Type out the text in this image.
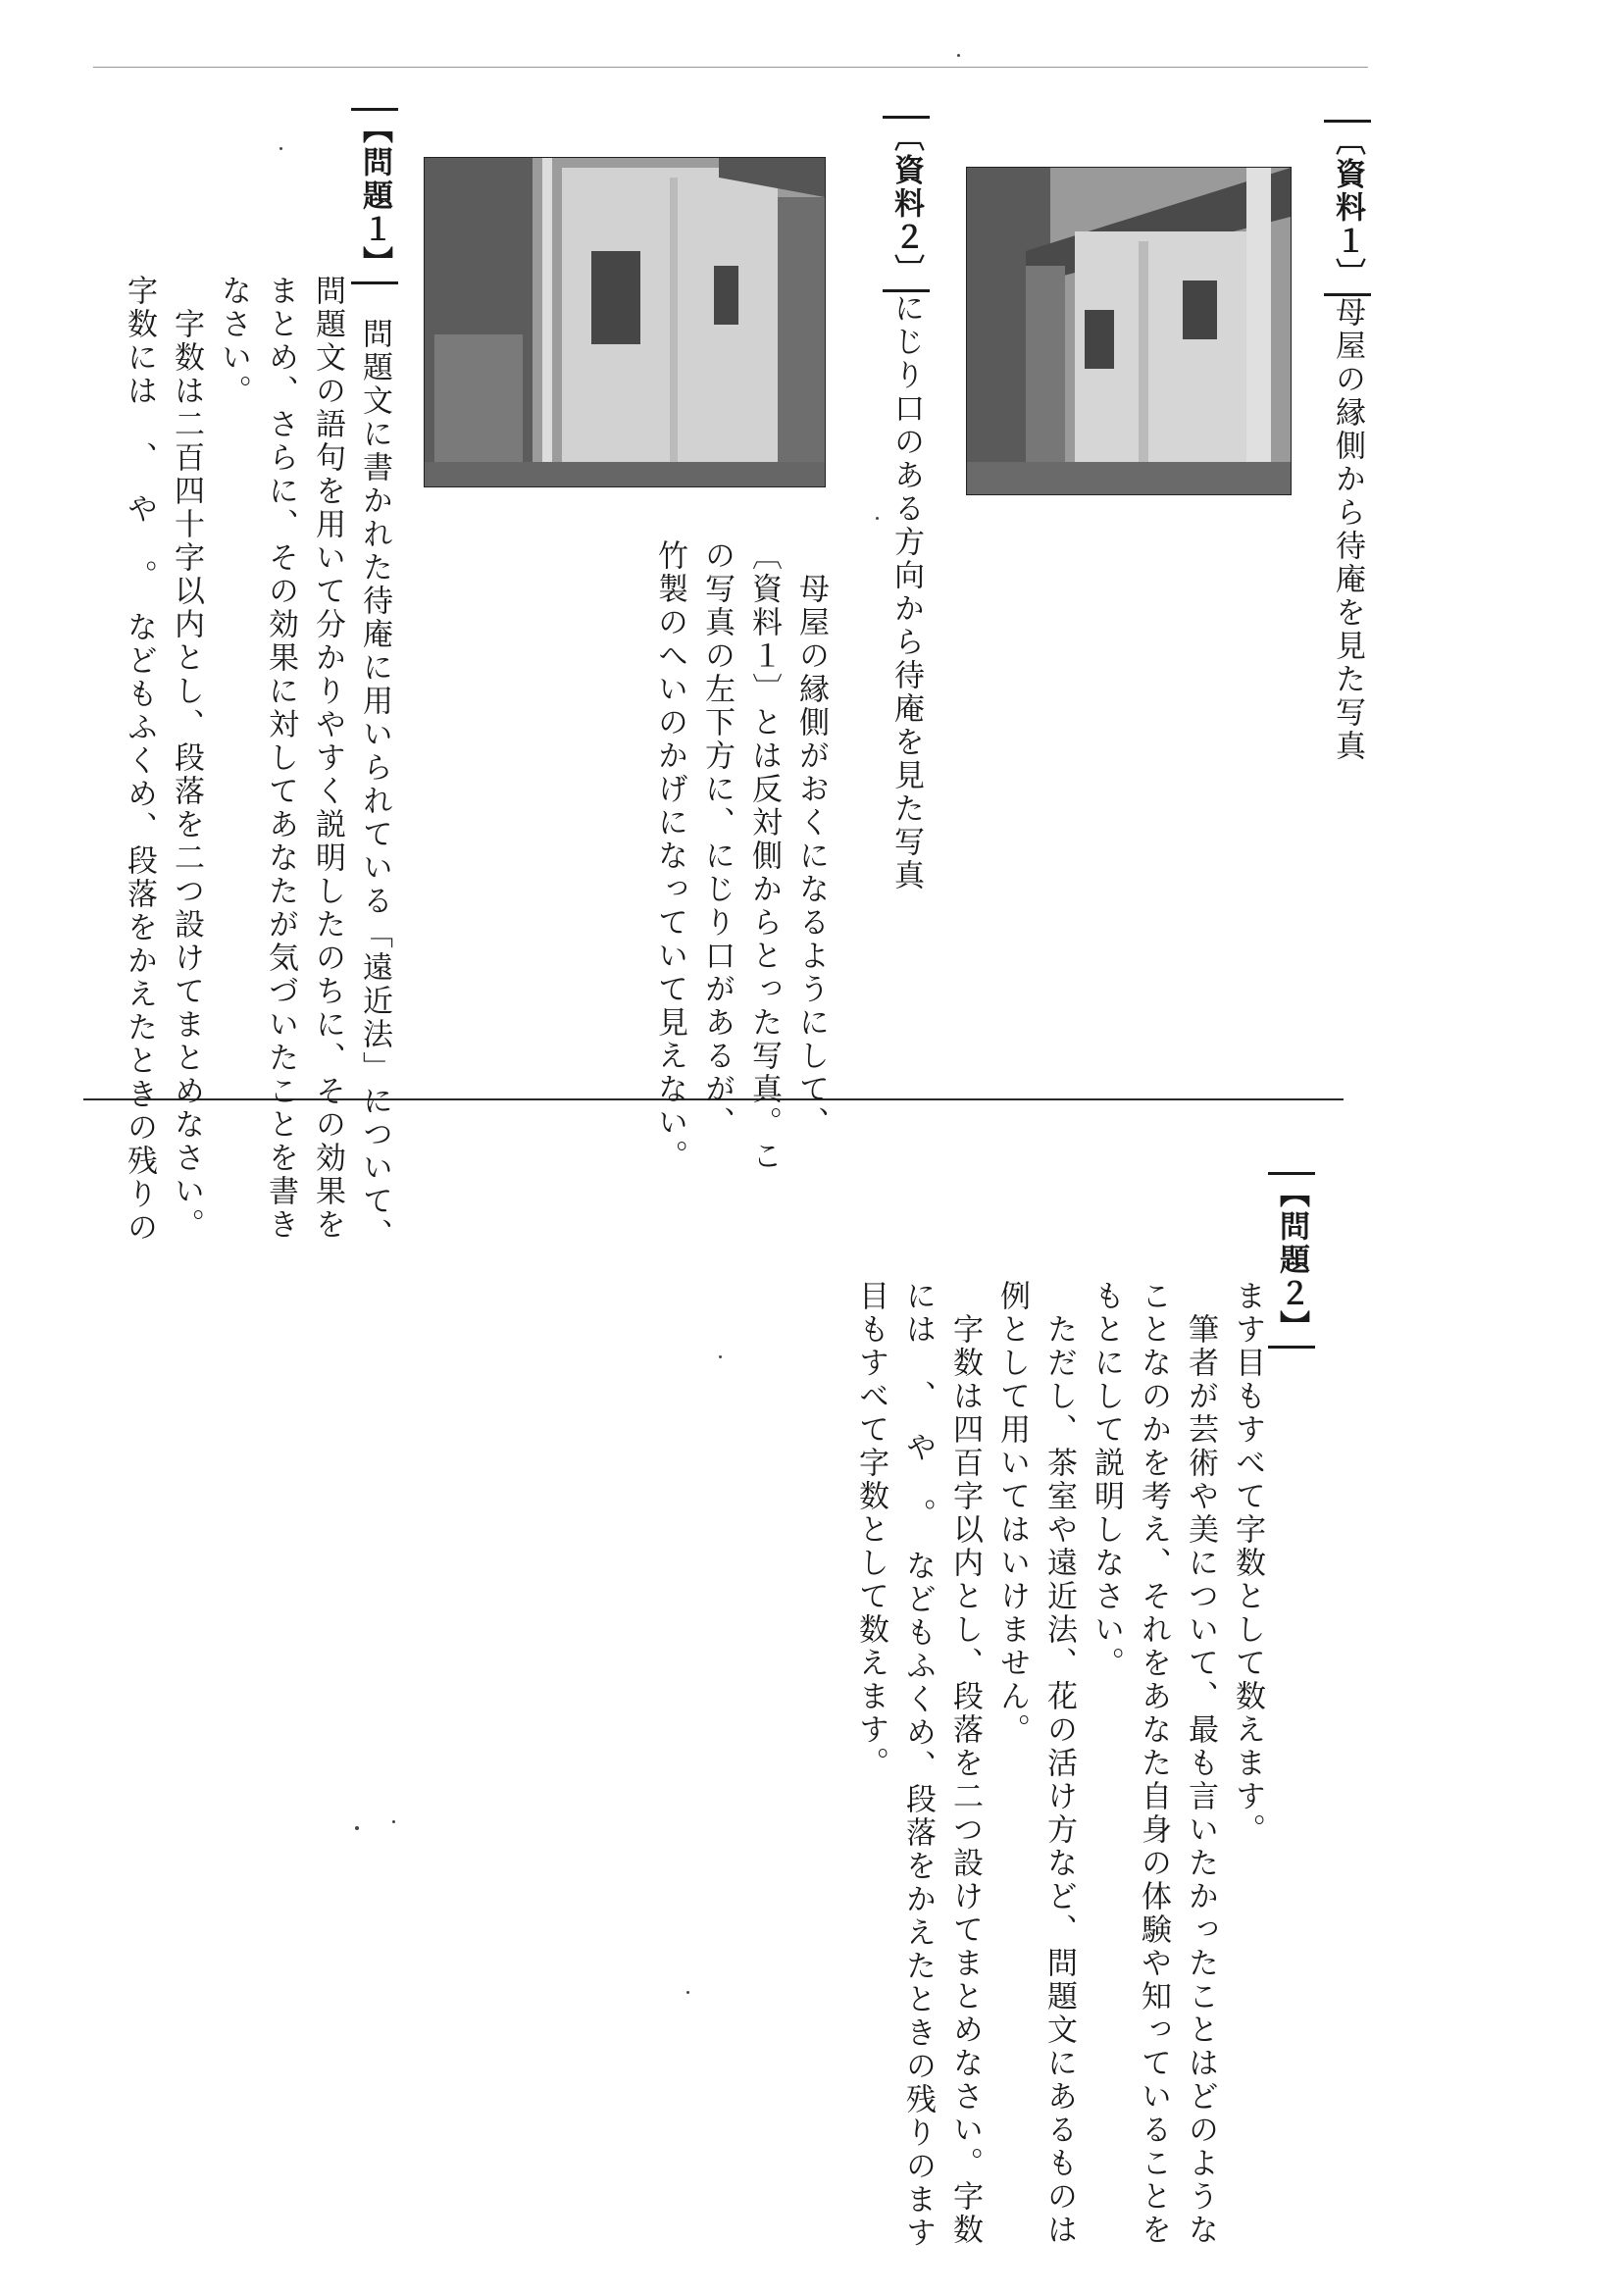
〔資料１〕母屋の縁側から待庵を見た写真
〔資料２〕にじり口のある方向から待庵を見た写真
　母屋の縁側がおくになるようにして、
〔資料１〕とは反対側からとった写真。こ
の写真の左下方に、にじり口があるが、
竹製のへいのかげになっていて見えない。
【問題１】　問題文に書かれた待庵に用いられている「遠近法」について、
　　　　　問題文の語句を用いて分かりやすく説明したのちに、その効果を
　　　　　まとめ、さらに、その効果に対してあなたが気づいたことを書き
　　　　　なさい。
　　　　　　字数は二百四十字以内とし、段落を二つ設けてまとめなさい。
　　　　　字数には　、　や　。　などもふくめ、段落をかえたときの残りの
【問題２】
ます目もすべて字数として数えます。
　筆者が芸術や美について、最も言いたかったことはどのような
ことなのかを考え、それをあなた自身の体験や知っていることを
もとにして説明しなさい。
　ただし、茶室や遠近法、花の活け方など、問題文にあるものは
例として用いてはいけません。
　字数は四百字以内とし、段落を二つ設けてまとめなさい。字数
には　、　や　。　などもふくめ、段落をかえたときの残りのます
目もすべて字数として数えます。
